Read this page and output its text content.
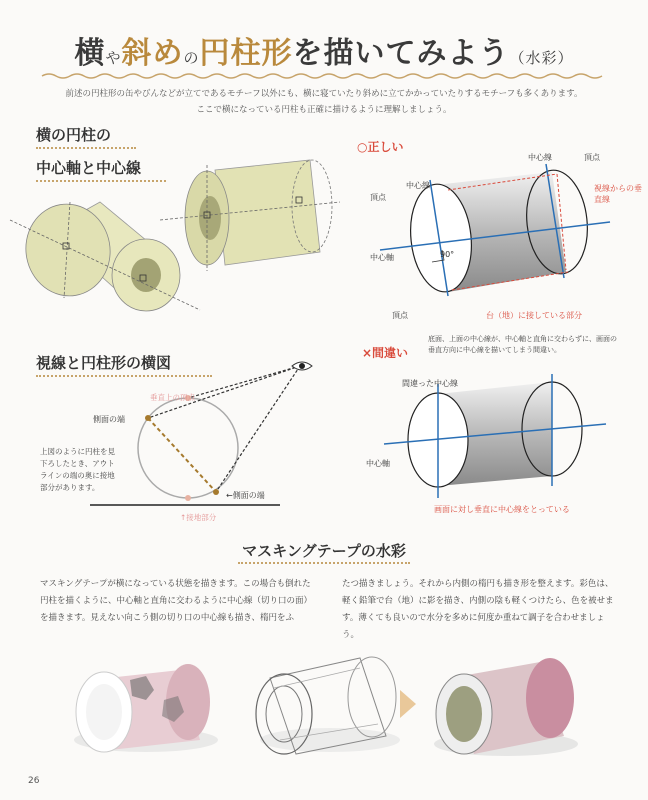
横や斜めの円柱形を描いてみよう（水彩）
前述の円柱形の缶やびんなどが立てであるモチーフ以外にも、横に寝ていたり斜めに立てかかっていたりするモチーフも多くあります。
ここで横になっている円柱も正確に描けるように理解しましょう。
横の円柱の
中心軸と中心線
○正しい
中心線	頂点
中心線
頂点
視線からの垂直線
中心軸	90°
頂点	台（地）に接している部分
視線と円柱形の横図
垂直上の頂点
側面の端
←側面の端
↑接地部分
上図のように円柱を見下ろしたとき、アウトラインの端の奥に接地部分があります。
×間違い
底面、上面の中心線が、中心軸と直角に交わらずに、画面の垂直方向に中心線を描いてしまう間違い。
間違った中心線
中心軸
画面に対し垂直に中心線をとっている
マスキングテープの水彩
マスキングテープが横になっている状態を描きます。この場合も倒れた円柱を描くように、中心軸と直角に交わるように中心線（切り口の面）を描きます。見えない向こう側の切り口の中心線も描き、楕円をふ
たつ描きましょう。それから内側の楕円も描き形を整えます。彩色は、軽く鉛筆で台（地）に影を描き、内側の陰も軽くつけたら、色を被せます。薄くても良いので水分を多めに何度か重ねて調子を合わせましょう。
26
